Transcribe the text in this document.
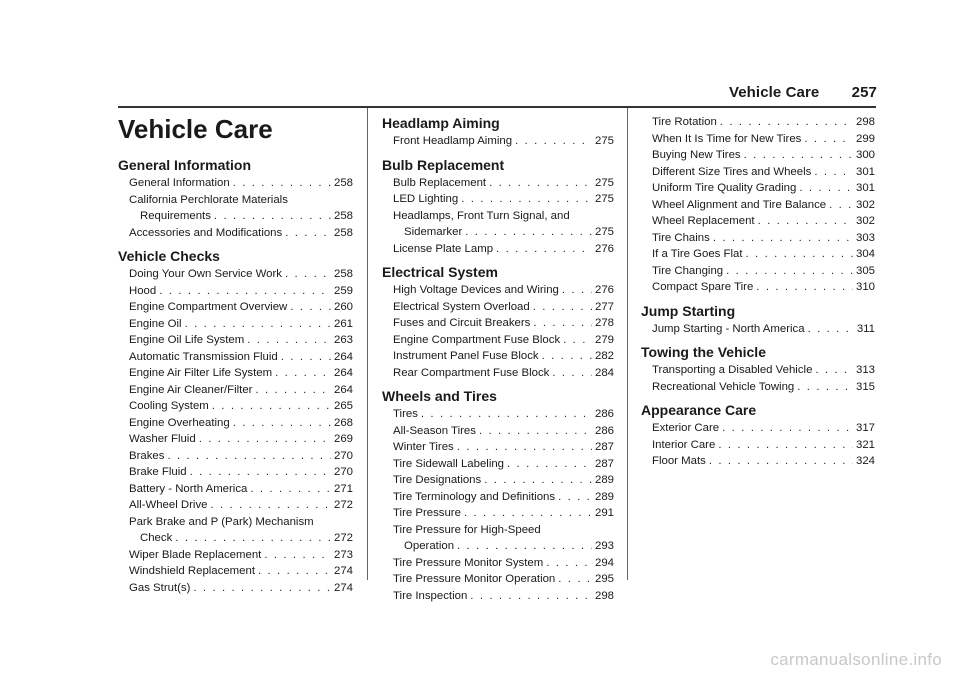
Vehicle Care 257
Vehicle Care
General Information
General Information . . .	258
California Perchlorate Materials
Requirements . . .	258
Accessories and Modifications . . .	258
Vehicle Checks
Doing Your Own Service Work . . .	258
Hood . . .	259
Engine Compartment Overview . . .	260
Engine Oil . . .	261
Engine Oil Life System . . .	263
Automatic Transmission Fluid . . .	264
Engine Air Filter Life System . . .	264
Engine Air Cleaner/Filter . . .	264
Cooling System . . .	265
Engine Overheating . . .	268
Washer Fluid . . .	269
Brakes . . .	270
Brake Fluid . . .	270
Battery - North America . . .	271
All-Wheel Drive . . .	272
Park Brake and P (Park) Mechanism
Check . . .	272
Wiper Blade Replacement . . .	273
Windshield Replacement . . .	274
Gas Strut(s) . . .	274
Headlamp Aiming
Front Headlamp Aiming . . .	275
Bulb Replacement
Bulb Replacement . . .	275
LED Lighting . . .	275
Headlamps, Front Turn Signal, and
Sidemarker . . .	275
License Plate Lamp . . .	276
Electrical System
High Voltage Devices and Wiring . . .	276
Electrical System Overload . . .	277
Fuses and Circuit Breakers . . .	278
Engine Compartment Fuse Block . . .	279
Instrument Panel Fuse Block . . .	282
Rear Compartment Fuse Block . . .	284
Wheels and Tires
Tires . . .	286
All-Season Tires . . .	286
Winter Tires . . .	287
Tire Sidewall Labeling . . .	287
Tire Designations . . .	289
Tire Terminology and Definitions . . .	289
Tire Pressure . . .	291
Tire Pressure for High-Speed
Operation . . .	293
Tire Pressure Monitor System . . .	294
Tire Pressure Monitor Operation . . .	295
Tire Inspection . . .	298
Tire Rotation . . .	298
When It Is Time for New Tires . . .	299
Buying New Tires . . .	300
Different Size Tires and Wheels . . .	301
Uniform Tire Quality Grading . . .	301
Wheel Alignment and Tire Balance . . .	302
Wheel Replacement . . .	302
Tire Chains . . .	303
If a Tire Goes Flat . . .	304
Tire Changing . . .	305
Compact Spare Tire . . .	310
Jump Starting
Jump Starting - North America . . .	311
Towing the Vehicle
Transporting a Disabled Vehicle . . .	313
Recreational Vehicle Towing . . .	315
Appearance Care
Exterior Care . . .	317
Interior Care . . .	321
Floor Mats . . .	324
carmanualsonline.info
